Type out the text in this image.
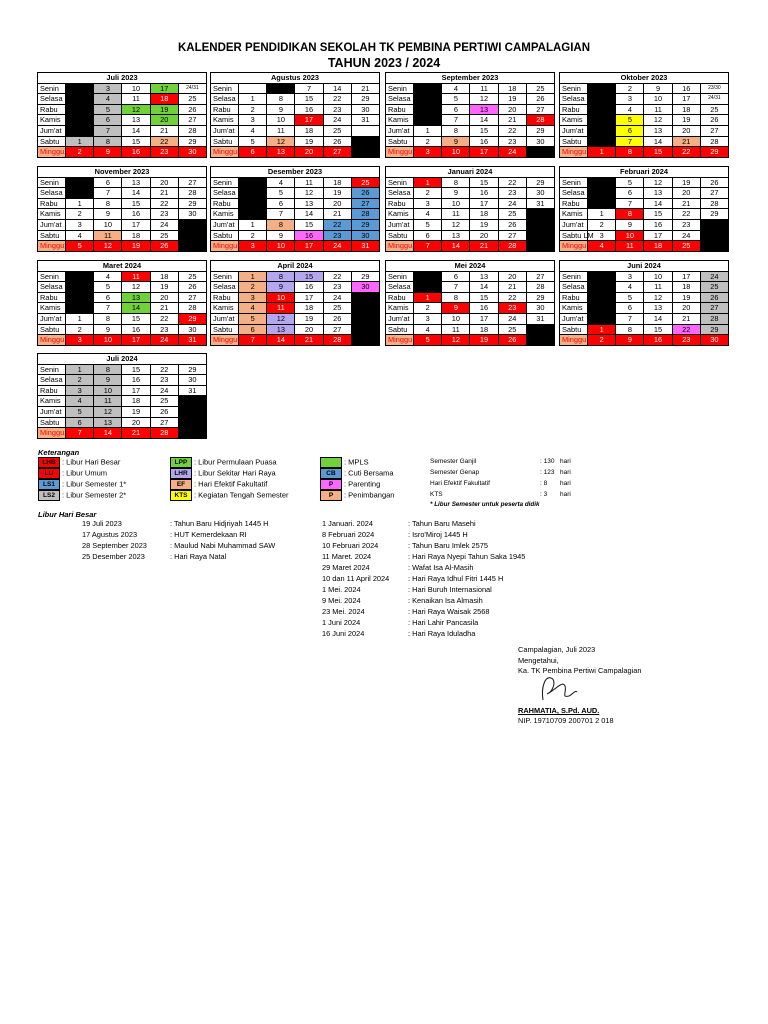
KALENDER PENDIDIKAN SEKOLAH TK PEMBINA PERTIWI CAMPALAGIAN
TAHUN 2023 / 2024
Juli 2023					
Senin		3	10	17	24/31
Selasa		4	11	18	25
Rabu		5	12	19	26
Kamis		6	13	20	27
Jum'at		7	14	21	28
Sabtu	1	8	15	22	29
Minggu	2	9	16	23	30
Agustus 2023					
Senin			7	14	21
Selasa	1	8	15	22	29
Rabu	2	9	16	23	30
Kamis	3	10	17	24	31
Jum'at	4	11	18	25	
Sabtu	5	12	19	26	
Minggu	6	13	20	27	
September 2023					
Senin		4	11	18	25
Selasa		5	12	19	26
Rabu		6	13	20	27
Kamis		7	14	21	28
Jum'at	1	8	15	22	29
Sabtu	2	9	16	23	30
Minggu	3	10	17	24	
Oktober 2023					
Senin		2	9	16	23/30
Selasa		3	10	17	24/31
Rabu		4	11	18	25
Kamis		5	12	19	26
Jum'at		6	13	20	27
Sabtu		7	14	21	28
Minggu	1	8	15	22	29
November 2023					
Senin		6	13	20	27
Selasa		7	14	21	28
Rabu	1	8	15	22	29
Kamis	2	9	16	23	30
Jum'at	3	10	17	24	
Sabtu	4	11	18	25	
Minggu	5	12	19	26	
Desember 2023					
Senin		4	11	18	25
Selasa		5	12	19	26
Rabu		6	13	20	27
Kamis		7	14	21	28
Jum'at	1	8	15	22	29
Sabtu	2	9	16	23	30
Minggu	3	10	17	24	31
Januari 2024					
Senin	1	8	15	22	29
Selasa	2	9	16	23	30
Rabu	3	10	17	24	31
Kamis	4	11	18	25	
Jum'at	5	12	19	26	
Sabtu	6	13	20	27	
Minggu	7	14	21	28	
Februari 2024					
Senin		5	12	19	26
Selasa		6	13	20	27
Rabu		7	14	21	28
Kamis	1	8	15	22	29
Jum'at	2	9	16	23	
Sabtu LM	3	10	17	24	
Minggu	4	11	18	25	
Maret 2024					
Senin		4	11	18	25
Selasa		5	12	19	26
Rabu		6	13	20	27
Kamis		7	14	21	28
Jum'at	1	8	15	22	29
Sabtu	2	9	16	23	30
Minggu	3	10	17	24	31
April 2024					
Senin	1	8	15	22	29
Selasa	2	9	16	23	30
Rabu	3	10	17	24	
Kamis	4	11	18	25	
Jum'at	5	12	19	26	
Sabtu	6	13	20	27	
Minggu	7	14	21	28	
Mei 2024					
Senin		6	13	20	27
Selasa		7	14	21	28
Rabu	1	8	15	22	29
Kamis	2	9	16	23	30
Jum'at	3	10	17	24	31
Sabtu	4	11	18	25	
Minggu	5	12	19	26	
Juni 2024					
Senin		3	10	17	24
Selasa		4	11	18	25
Rabu		5	12	19	26
Kamis		6	13	20	27
Jum'at		7	14	21	28
Sabtu	1	8	15	22	29
Minggu	2	9	16	23	30
Juli 2024					
Senin	1	8	15	22	29
Selasa	2	9	16	23	30
Rabu	3	10	17	24	31
Kamis	4	11	18	25	
Jum'at	5	12	19	26	
Sabtu	6	13	20	27	
Minggu	7	14	21	28	
Keterangan
LHB : Libur Hari Besar
LU : Libur Umum
LS1 : Libur Semester 1*
LS2 : Libur Semester 2*
LPP : Libur Permulaan Puasa
LHR : Libur Sekitar Hari Raya
EF : Hari Efektif Fakultatif
KTS : Kegiatan Tengah Semester
: MPLS
CB : Cuti Bersama
P : Parenting
P : Penimbangan
Semester Ganjil	: 130 hari
Semester Genap	: 123 hari
Hari Efektif Fakultatif	: 8 hari
KTS	: 3 hari
* Libur Semester untuk peserta didik
Libur Hari Besar
19 Juli 2023	: Tahun Baru Hidjriyah 1445 H
17 Agustus 2023	: HUT Kemerdekaan RI
28 September 2023	: Maulud Nabi Muhammad SAW
25 Desember 2023	: Hari Raya Natal
1 Januari. 2024	: Tahun Baru Masehi
8 Februari 2024	: Isro'Miroj 1445 H
10 Februari 2024	: Tahun Baru Imlek 2575
11 Maret. 2024	: Hari Raya Nyepi Tahun Saka 1945
29 Maret 2024	: Wafat Isa Al-Masih
10 dan 11 April 2024	: Hari Raya Idhul Fitri 1445 H
1 Mei. 2024	: Hari Buruh Internasional
9 Mei. 2024	: Kenaikan Isa Almasih
23 Mei. 2024	: Hari Raya Waisak 2568
1 Juni 2024	: Hari Lahir Pancasila
16 Juni 2024	: Hari Raya Iduladha
Campalagian, Juli 2023
Mengetahui,
Ka. TK Pembina Pertiwi Campalagian
RAHMATIA, S.Pd. AUD.
NIP. 19710709 200701 2 018
